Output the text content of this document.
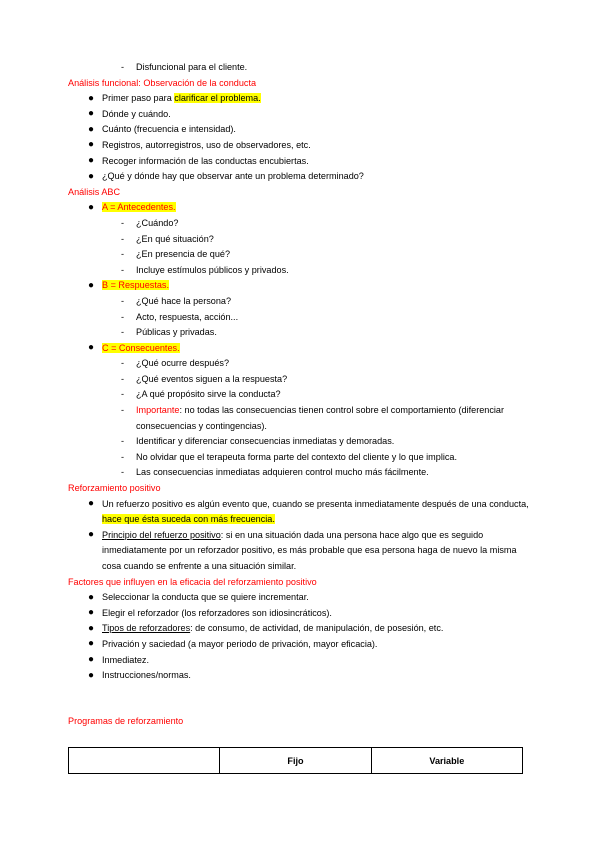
- Disfuncional para el cliente.
Análisis funcional: Observación de la conducta
● Primer paso para clarificar el problema.
● Dónde y cuándo.
● Cuánto (frecuencia e intensidad).
● Registros, autorregistros, uso de observadores, etc.
● Recoger información de las conductas encubiertas.
● ¿Qué y dónde hay que observar ante un problema determinado?
Análisis ABC
● A = Antecedentes.
- ¿Cuándo?
- ¿En qué situación?
- ¿En presencia de qué?
- Incluye estímulos públicos y privados.
● B = Respuestas.
- ¿Qué hace la persona?
- Acto, respuesta, acción...
- Públicas y privadas.
● C = Consecuentes.
- ¿Qué ocurre después?
- ¿Qué eventos siguen a la respuesta?
- ¿A qué propósito sirve la conducta?
- Importante: no todas las consecuencias tienen control sobre el comportamiento (diferenciar consecuencias y contingencias).
- Identificar y diferenciar consecuencias inmediatas y demoradas.
- No olvidar que el terapeuta forma parte del contexto del cliente y lo que implica.
- Las consecuencias inmediatas adquieren control mucho más fácilmente.
Reforzamiento positivo
● Un refuerzo positivo es algún evento que, cuando se presenta inmediatamente después de una conducta, hace que ésta suceda con más frecuencia.
● Principio del refuerzo positivo: si en una situación dada una persona hace algo que es seguido inmediatamente por un reforzador positivo, es más probable que esa persona haga de nuevo la misma cosa cuando se enfrente a una situación similar.
Factores que influyen en la eficacia del reforzamiento positivo
● Seleccionar la conducta que se quiere incrementar.
● Elegir el reforzador (los reforzadores son idiosincráticos).
● Tipos de reforzadores: de consumo, de actividad, de manipulación, de posesión, etc.
● Privación y saciedad (a mayor periodo de privación, mayor eficacia).
● Inmediatez.
● Instrucciones/normas.
Programas de reforzamiento
	Fijo	Variable
